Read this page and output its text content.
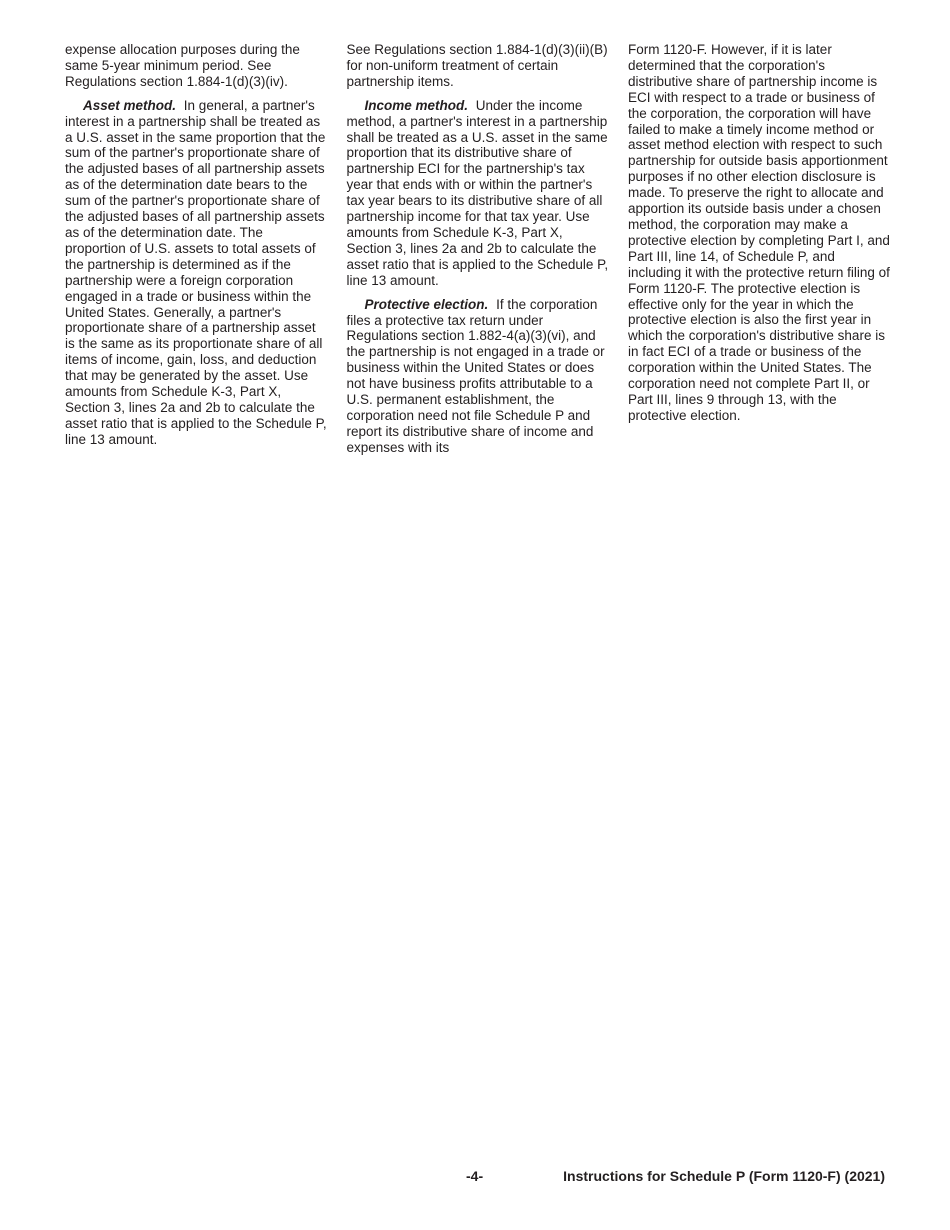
expense allocation purposes during the same 5-year minimum period. See Regulations section 1.884-1(d)(3)(iv).

Asset method. In general, a partner's interest in a partnership shall be treated as a U.S. asset in the same proportion that the sum of the partner's proportionate share of the adjusted bases of all partnership assets as of the determination date bears to the sum of the partner's proportionate share of the adjusted bases of all partnership assets as of the determination date. The proportion of U.S. assets to total assets of the partnership is determined as if the partnership were a foreign corporation engaged in a trade or business within the United States. Generally, a partner's proportionate share of a partnership asset is the same as its proportionate share of all items of income, gain, loss, and deduction that may be generated by the asset. Use amounts from Schedule K-3, Part X, Section 3, lines 2a and 2b to calculate the asset ratio that is applied to the Schedule P, line 13 amount.

See Regulations section 1.884-1(d)(3)(ii)(B) for non-uniform treatment of certain partnership items.

Income method. Under the income method, a partner's interest in a partnership shall be treated as a U.S. asset in the same proportion that its distributive share of partnership ECI for the partnership's tax year that ends with or within the partner's tax year bears to its distributive share of all partnership income for that tax year. Use amounts from Schedule K-3, Part X, Section 3, lines 2a and 2b to calculate the asset ratio that is applied to the Schedule P, line 13 amount.

Protective election. If the corporation files a protective tax return under Regulations section 1.882-4(a)(3)(vi), and the partnership is not engaged in a trade or business within the United States or does not have business profits attributable to a U.S. permanent establishment, the corporation need not file Schedule P and report its distributive share of income and expenses with its

Form 1120-F. However, if it is later determined that the corporation's distributive share of partnership income is ECI with respect to a trade or business of the corporation, the corporation will have failed to make a timely income method or asset method election with respect to such partnership for outside basis apportionment purposes if no other election disclosure is made. To preserve the right to allocate and apportion its outside basis under a chosen method, the corporation may make a protective election by completing Part I, and Part III, line 14, of Schedule P, and including it with the protective return filing of Form 1120-F. The protective election is effective only for the year in which the protective election is also the first year in which the corporation's distributive share is in fact ECI of a trade or business of the corporation within the United States. The corporation need not complete Part II, or Part III, lines 9 through 13, with the protective election.

-4-	Instructions for Schedule P (Form 1120-F) (2021)
